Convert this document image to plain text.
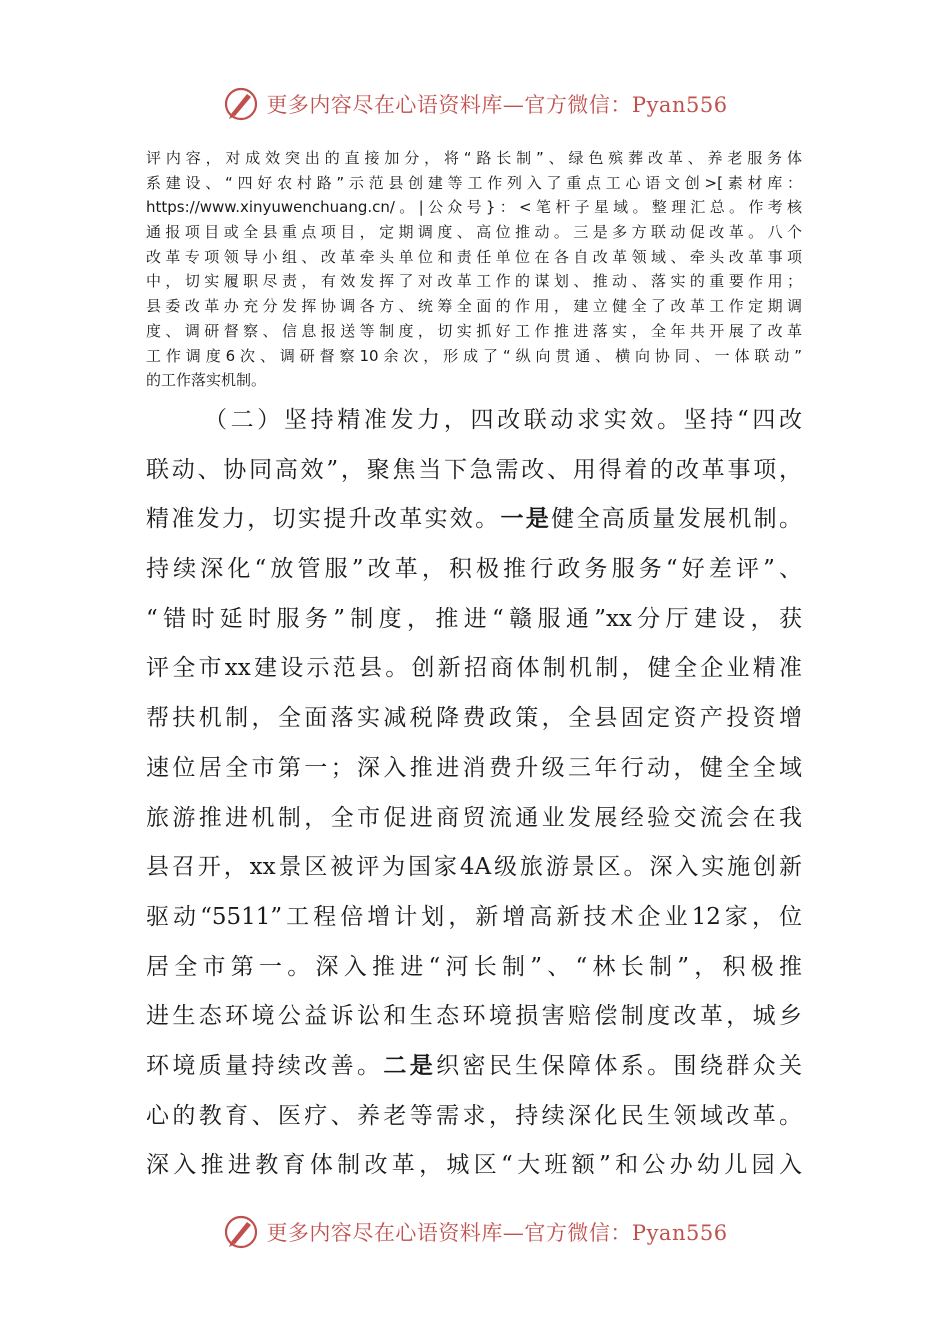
更多内容尽在心语资料库—官方微信：Pyan556
评内容，对成效突出的直接加分，将“路长制”、绿色殡葬改革、养老服务体
系建设、“四好农村路”示范县创建等工作列入了重点工心语文创>[素材库：
https://www.xinyuwenchuang.cn/。|公众号}：<笔杆子星域。整理汇总。作考核
通报项目或全县重点项目，定期调度、高位推动。三是多方联动促改革。八个
改革专项领导小组、改革牵头单位和责任单位在各自改革领域、牵头改革事项
中，切实履职尽责，有效发挥了对改革工作的谋划、推动、落实的重要作用；
县委改革办充分发挥协调各方、统筹全面的作用，建立健全了改革工作定期调
度、调研督察、信息报送等制度，切实抓好工作推进落实，全年共开展了改革
工作调度6次、调研督察10余次，形成了“纵向贯通、横向协同、一体联动”
的工作落实机制。
（二）坚持精准发力，四改联动求实效。坚持“四改
联动、协同高效”，聚焦当下急需改、用得着的改革事项，
精准发力，切实提升改革实效。一是健全高质量发展机制。
持续深化“放管服”改革，积极推行政务服务“好差评”、
“错时延时服务”制度，推进“赣服通”xx分厅建设，获
评全市xx建设示范县。创新招商体制机制，健全企业精准
帮扶机制，全面落实减税降费政策，全县固定资产投资增
速位居全市第一；深入推进消费升级三年行动，健全全域
旅游推进机制，全市促进商贸流通业发展经验交流会在我
县召开，xx景区被评为国家4A级旅游景区。深入实施创新
驱动“5511”工程倍增计划，新增高新技术企业12家，位
居全市第一。深入推进“河长制”、“林长制”，积极推
进生态环境公益诉讼和生态环境损害赔偿制度改革，城乡
环境质量持续改善。二是织密民生保障体系。围绕群众关
心的教育、医疗、养老等需求，持续深化民生领域改革。
深入推进教育体制改革，城区“大班额”和公办幼儿园入
更多内容尽在心语资料库—官方微信：Pyan556
